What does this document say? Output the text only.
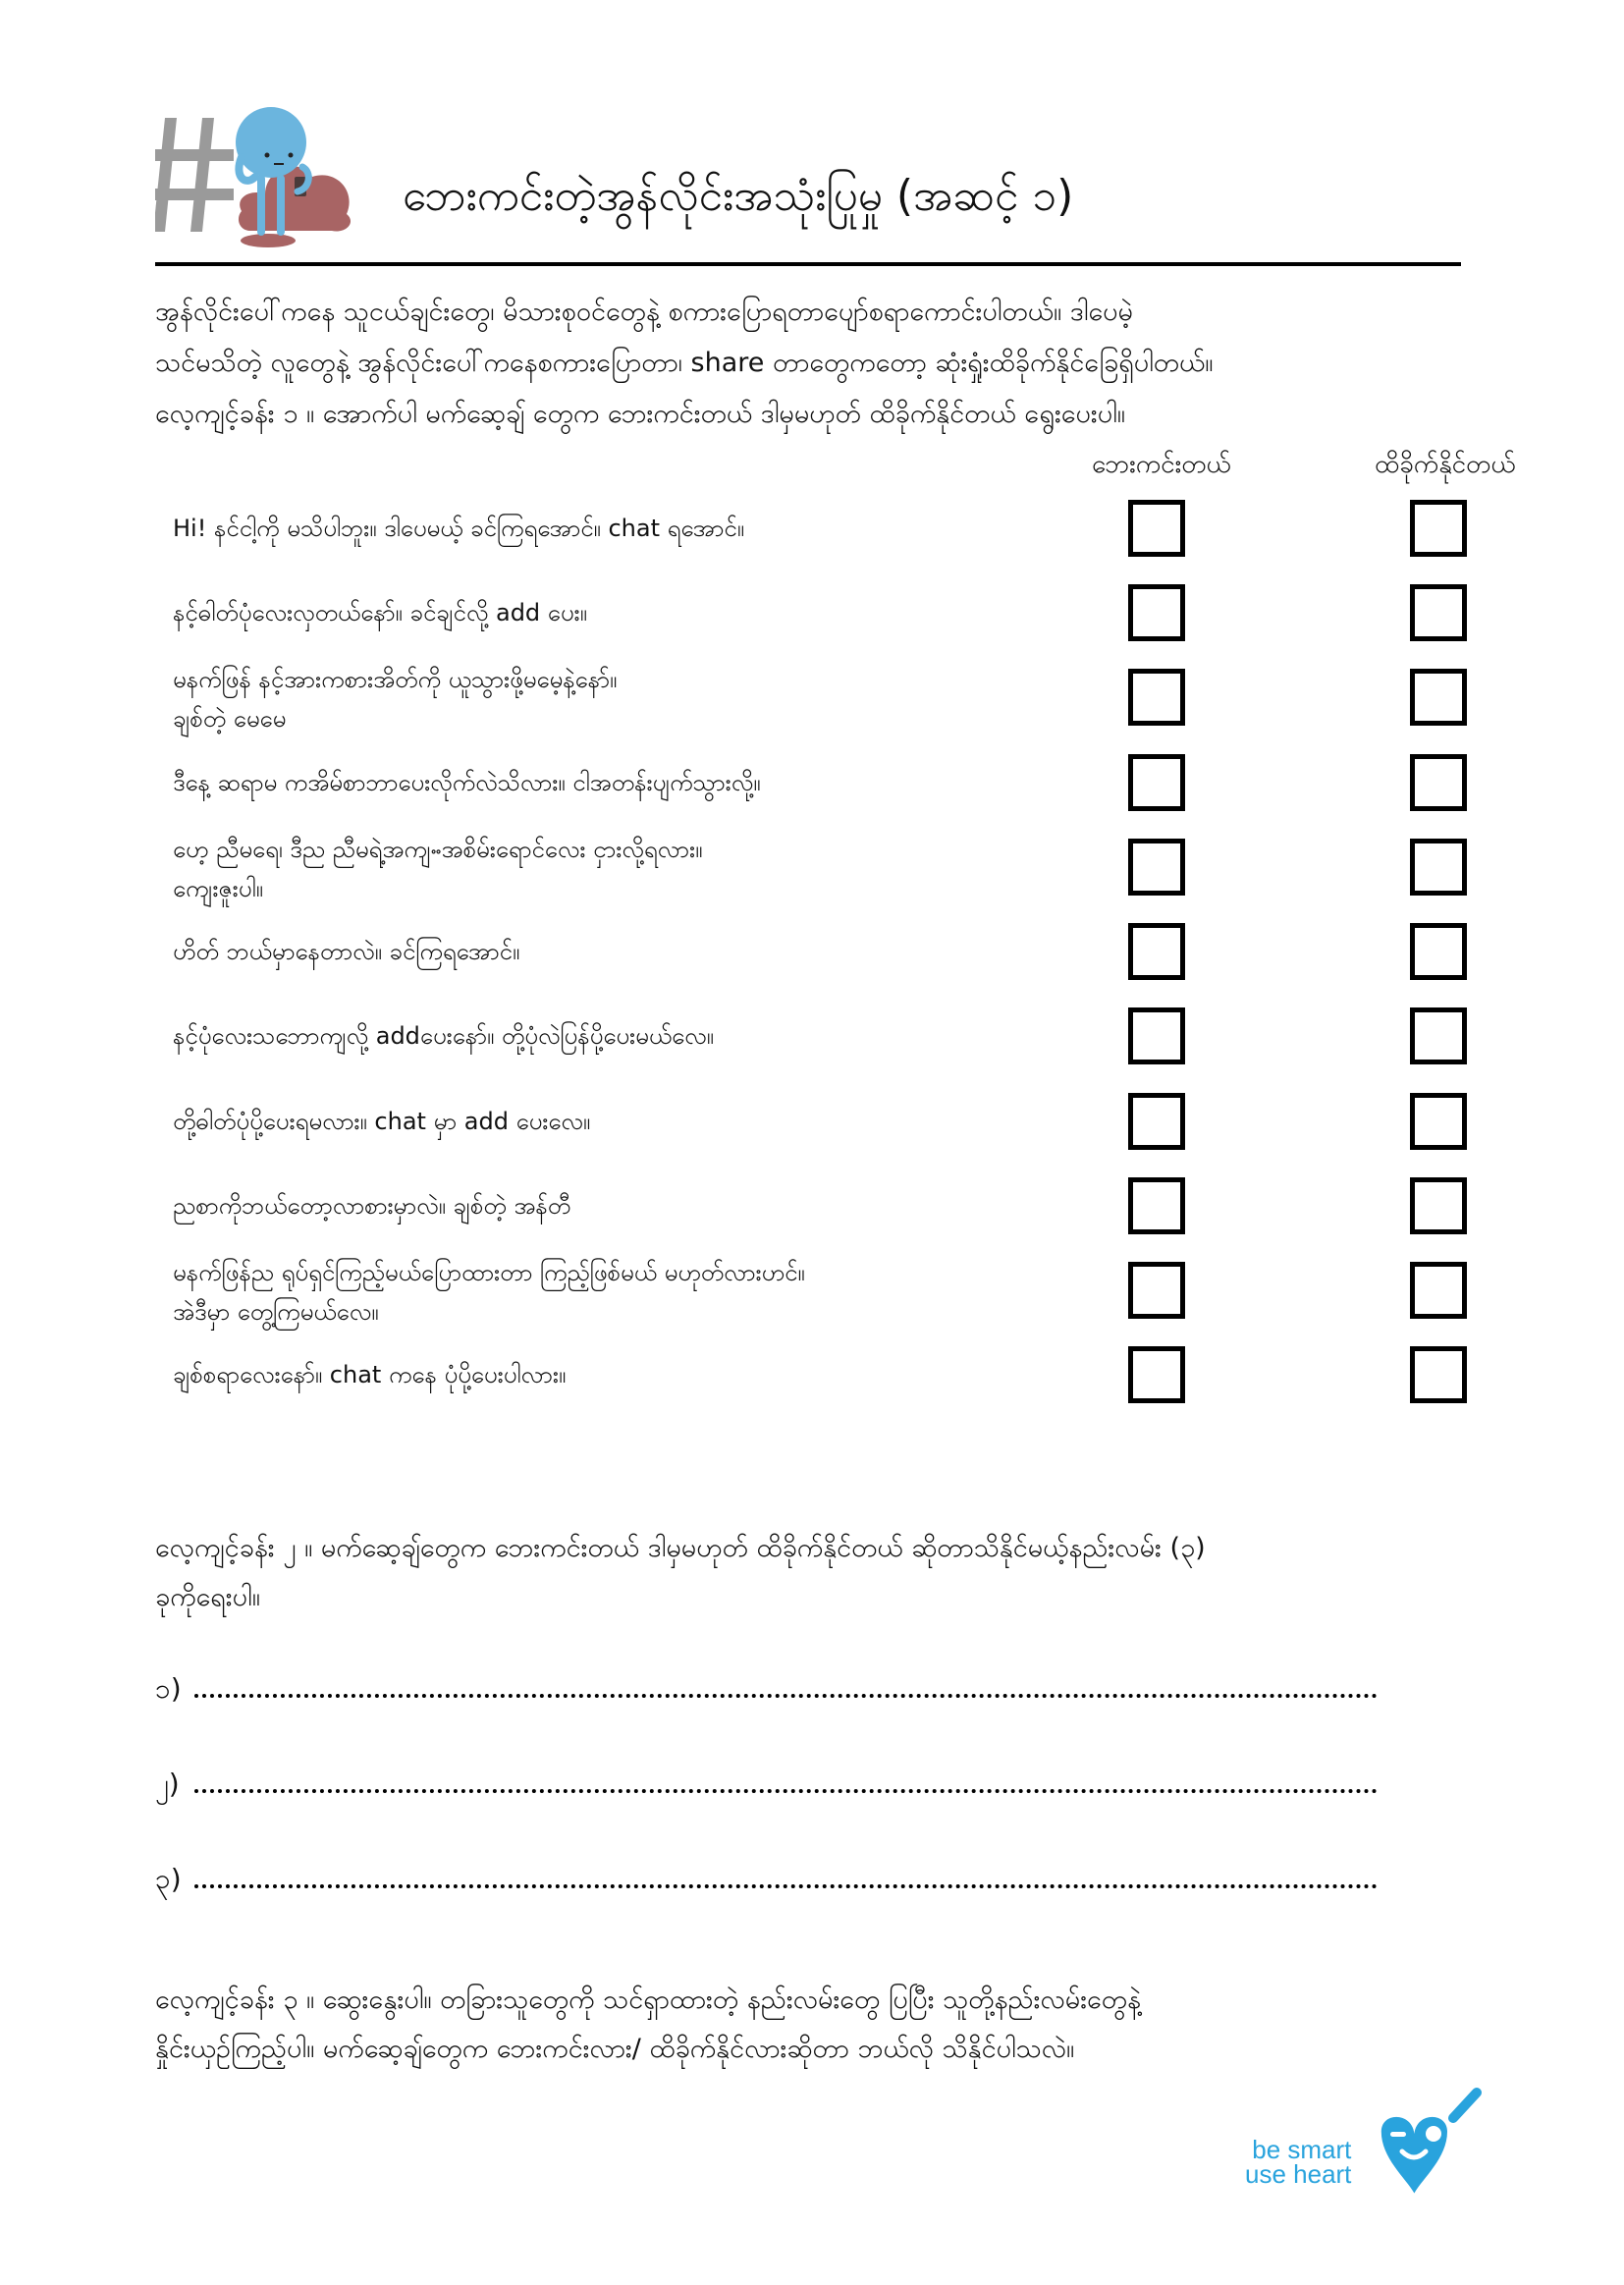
ဘေးကင်းတဲ့အွန်လိုင်းအသုံးပြုမှု (အဆင့် ၁)

အွန်လိုင်းပေါ်ကနေ သူငယ်ချင်းတွေ၊ မိသားစုဝင်တွေနဲ့ စကားပြောရတာပျော်စရာကောင်းပါတယ်။ ဒါပေမဲ့

သင်မသိတဲ့ လူတွေနဲ့ အွန်လိုင်းပေါ်ကနေစကားပြောတာ၊ share တာတွေကတော့ ဆုံးရှုံးထိခိုက်နိုင်ခြေရှိပါတယ်။

လေ့ကျင့်ခန်း ၁ ။ အောက်ပါ မက်ဆေ့ချ် တွေက ဘေးကင်းတယ် ဒါမှမဟုတ် ထိခိုက်နိုင်တယ် ရွေးပေးပါ။

ဘေးကင်းတယ်	ထိခိုက်နိုင်တယ်
Hi! နင်ငါ့ကို မသိပါဘူး။ ဒါပေမယ့် ခင်ကြရအောင်။ chat ရအောင်။
နင့်ဓါတ်ပုံလေးလှတယ်နော်။ ခင်ချင်လို့ add ပေး။
မနက်ဖြန် နင့်အားကစားအိတ်ကို ယူသွားဖို့မမေ့နဲ့နော်။
ချစ်တဲ့ မေမေ
ဒီနေ့ ဆရာမ ကအိမ်စာဘာပေးလိုက်လဲသိလား။ ငါအတန်းပျက်သွားလို့။
ဟေ့ ညီမရေ၊ ဒီည ညီမရဲ့အကျႌအစိမ်းရောင်လေး ငှားလို့ရလား။
ကျေးဇူးပါ။
ဟိတ် ဘယ်မှာနေတာလဲ။ ခင်ကြရအောင်။
နင့်ပုံလေးသဘောကျလို့ addပေးနော်။ တို့ပုံလဲပြန်ပို့ပေးမယ်လေ။
တို့ဓါတ်ပုံပို့ပေးရမလား။ chat မှာ add ပေးလေ။
ညစာကိုဘယ်တော့လာစားမှာလဲ။ ချစ်တဲ့ အန်တီ
မနက်ဖြန်ည ရုပ်ရှင်ကြည့်မယ်ပြောထားတာ ကြည့်ဖြစ်မယ် မဟုတ်လားဟင်။
အဲဒီမှာ တွေ့ကြမယ်လေ။
ချစ်စရာလေးနော်။ chat ကနေ ပုံပို့ပေးပါလား။

လေ့ကျင့်ခန်း ၂ ။ မက်ဆေ့ချ်တွေက ဘေးကင်းတယ် ဒါမှမဟုတ် ထိခိုက်နိုင်တယ် ဆိုတာသိနိုင်မယ့်နည်းလမ်း (၃)

ခုကိုရေးပါ။

၁)
၂)
၃)

လေ့ကျင့်ခန်း ၃ ။ ဆွေးနွေးပါ။ တခြားသူတွေကို သင်ရှာထားတဲ့ နည်းလမ်းတွေ ပြပြီး သူတို့နည်းလမ်းတွေနဲ့

နှိုင်းယှဉ်ကြည့်ပါ။ မက်ဆေ့ချ်တွေက ဘေးကင်းလား/ ထိခိုက်နိုင်လားဆိုတာ ဘယ်လို သိနိုင်ပါသလဲ။

be smart
use heart
